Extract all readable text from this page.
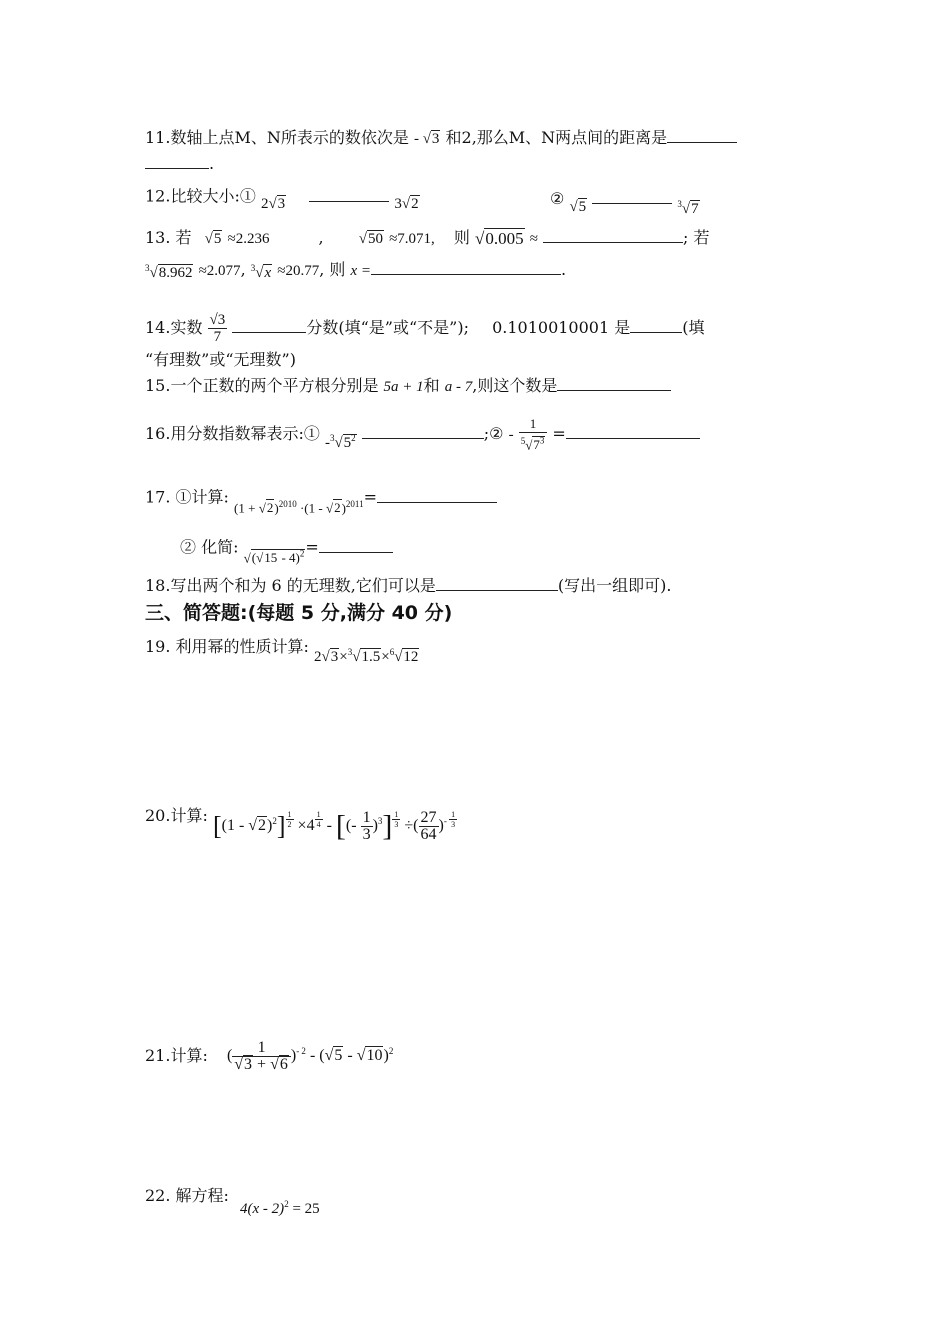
11.数轴上点M、N所表示的数依次是 - √3 和2,那么M、N两点间的距离是
.
12.比较大小:① 2√3	3√2	② √5	$^3$√7
13. 若 √5 ≈2.236	, √50 ≈7.071, 则 √0.005 ≈	; 若
$^3$√8.962 ≈2.077, $^3$√x ≈20.77, 则 x =	.
14.实数 $\frac{√3}{7}$	分数(填“是”或“不是”); 0.1010010001 是	(填
“有理数”或“无理数”)
15.一个正数的两个平方根分别是 5a + 1和 a - 7,则这个数是
16.用分数指数幂表示:① $-^3√5^2$	;② - $\frac{1}{^5√7^3}$ =
17. ①计算: $(1 + √2)^{2010} \cdot(1 - √2)^{2011}=$
② 化简: √(√15 - 4)$^2$=
18.写出两个和为 6 的无理数,它们可以是	(写出一组即可).
三、简答题:(每题 5 分,满分 40 分)
19. 利用幂的性质计算: 2√3×$^3$√1.5×$^6$√12
20.计算: $[(1 - √2)^2] \frac{1}{2} \times 4 \frac{1}{4}$ - [(- $\frac{1}{3} )^3] \frac{1}{3}$ ÷( $\frac{27}{64} )^- \frac{1}{3}$
21.计算: ( $\frac{1}{√3 + √6} )^{- 2} - (√5 - √10)^2$
22. 解方程: 4(x - 2)$^2$ = 25
